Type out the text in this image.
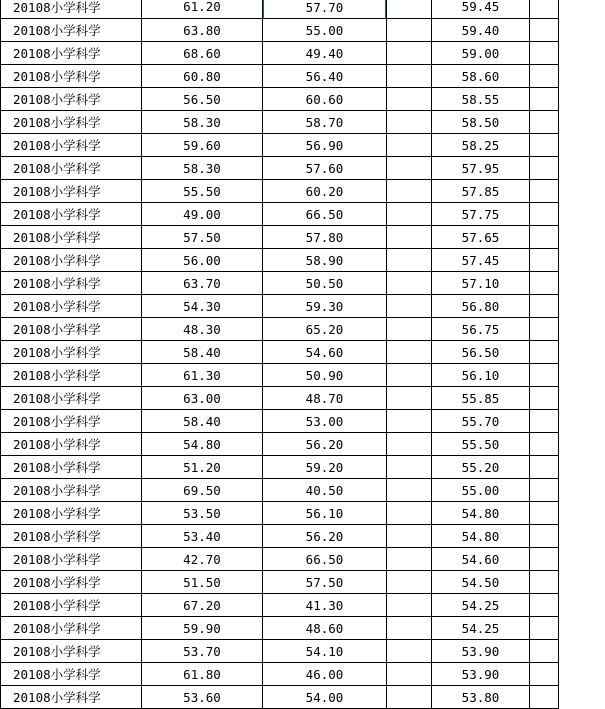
20108小学科学	61.20	57.70		59.45	
20108小学科学	63.80	55.00		59.40	
20108小学科学	68.60	49.40		59.00	
20108小学科学	60.80	56.40		58.60	
20108小学科学	56.50	60.60		58.55	
20108小学科学	58.30	58.70		58.50	
20108小学科学	59.60	56.90		58.25	
20108小学科学	58.30	57.60		57.95	
20108小学科学	55.50	60.20		57.85	
20108小学科学	49.00	66.50		57.75	
20108小学科学	57.50	57.80		57.65	
20108小学科学	56.00	58.90		57.45	
20108小学科学	63.70	50.50		57.10	
20108小学科学	54.30	59.30		56.80	
20108小学科学	48.30	65.20		56.75	
20108小学科学	58.40	54.60		56.50	
20108小学科学	61.30	50.90		56.10	
20108小学科学	63.00	48.70		55.85	
20108小学科学	58.40	53.00		55.70	
20108小学科学	54.80	56.20		55.50	
20108小学科学	51.20	59.20		55.20	
20108小学科学	69.50	40.50		55.00	
20108小学科学	53.50	56.10		54.80	
20108小学科学	53.40	56.20		54.80	
20108小学科学	42.70	66.50		54.60	
20108小学科学	51.50	57.50		54.50	
20108小学科学	67.20	41.30		54.25	
20108小学科学	59.90	48.60		54.25	
20108小学科学	53.70	54.10		53.90	
20108小学科学	61.80	46.00		53.90	
20108小学科学	53.60	54.00		53.80	
